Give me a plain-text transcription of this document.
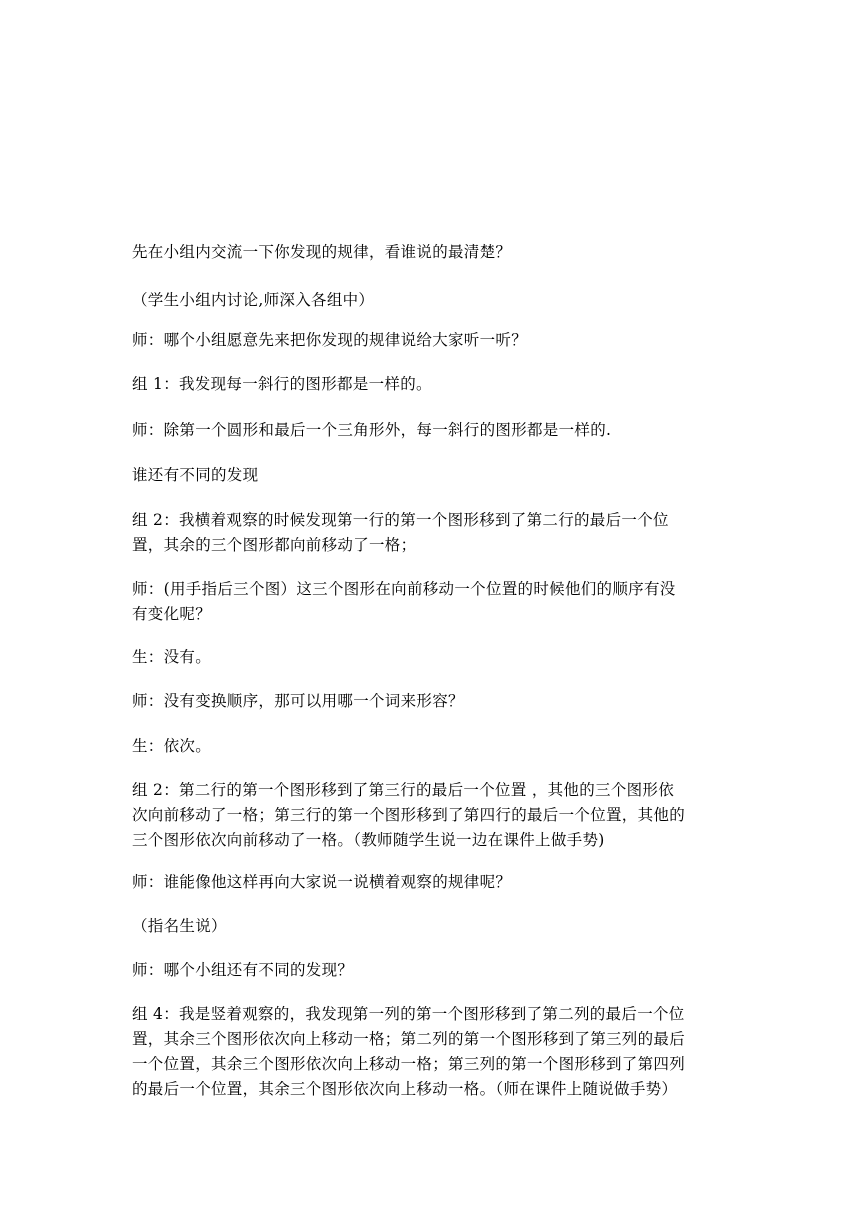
先在小组内交流一下你发现的规律，看谁说的最清楚？

（学生小组内讨论,师深入各组中）

师：哪个小组愿意先来把你发现的规律说给大家听一听？

组 1：我发现每一斜行的图形都是一样的。

师：除第一个圆形和最后一个三角形外，每一斜行的图形都是一样的.

谁还有不同的发现

组 2：我横着观察的时候发现第一行的第一个图形移到了第二行的最后一个位
置，其余的三个图形都向前移动了一格；

师：(用手指后三个图）这三个图形在向前移动一个位置的时候他们的顺序有没
有变化呢？

生：没有。

师：没有变换顺序，那可以用哪一个词来形容？

生：依次。

组 2：第二行的第一个图形移到了第三行的最后一个位置 ，其他的三个图形依
次向前移动了一格；第三行的第一个图形移到了第四行的最后一个位置，其他的
三个图形依次向前移动了一格。（教师随学生说一边在课件上做手势)

师：谁能像他这样再向大家说一说横着观察的规律呢？

（指名生说）

师：哪个小组还有不同的发现？

组 4：我是竖着观察的，我发现第一列的第一个图形移到了第二列的最后一个位
置，其余三个图形依次向上移动一格；第二列的第一个图形移到了第三列的最后
一个位置，其余三个图形依次向上移动一格；第三列的第一个图形移到了第四列
的最后一个位置，其余三个图形依次向上移动一格。（师在课件上随说做手势）
